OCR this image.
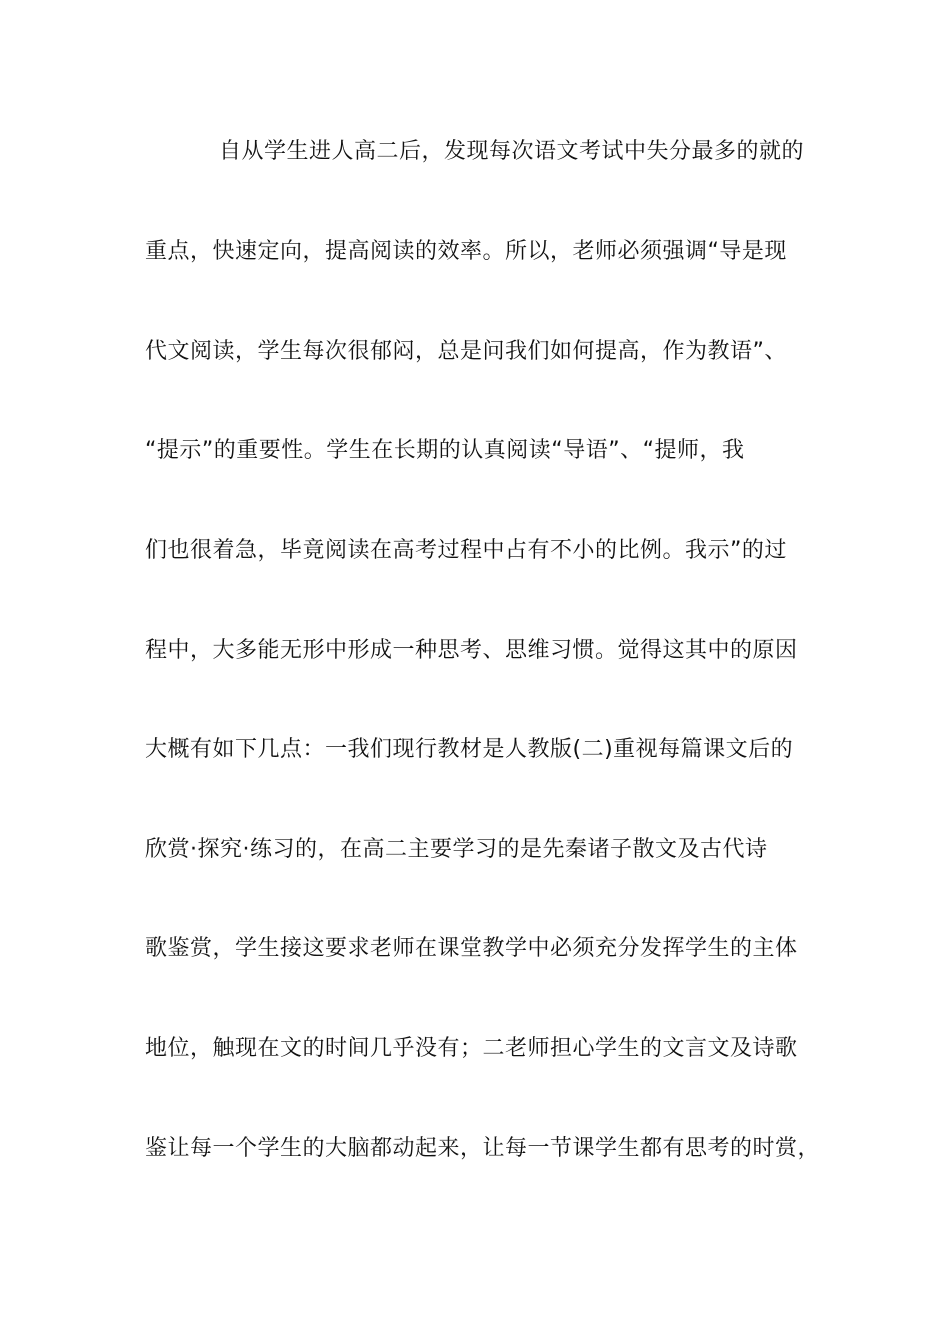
自从学生进人高二后，发现每次语文考试中失分最多的就的
重点，快速定向，提高阅读的效率。所以，老师必须强调“导是现
代文阅读，学生每次很郁闷，总是问我们如何提高，作为教语”、
“提示”的重要性。学生在长期的认真阅读“导语”、“提师，我
们也很着急，毕竟阅读在高考过程中占有不小的比例。我示”的过
程中，大多能无形中形成一种思考、思维习惯。觉得这其中的原因
大概有如下几点：一我们现行教材是人教版(二)重视每篇课文后的
欣赏·探究·练习的，在高二主要学习的是先秦诸子散文及古代诗
歌鉴赏，学生接这要求老师在课堂教学中必须充分发挥学生的主体
地位，触现在文的时间几乎没有；二老师担心学生的文言文及诗歌
鉴让每一个学生的大脑都动起来，让每一节课学生都有思考的时赏，
